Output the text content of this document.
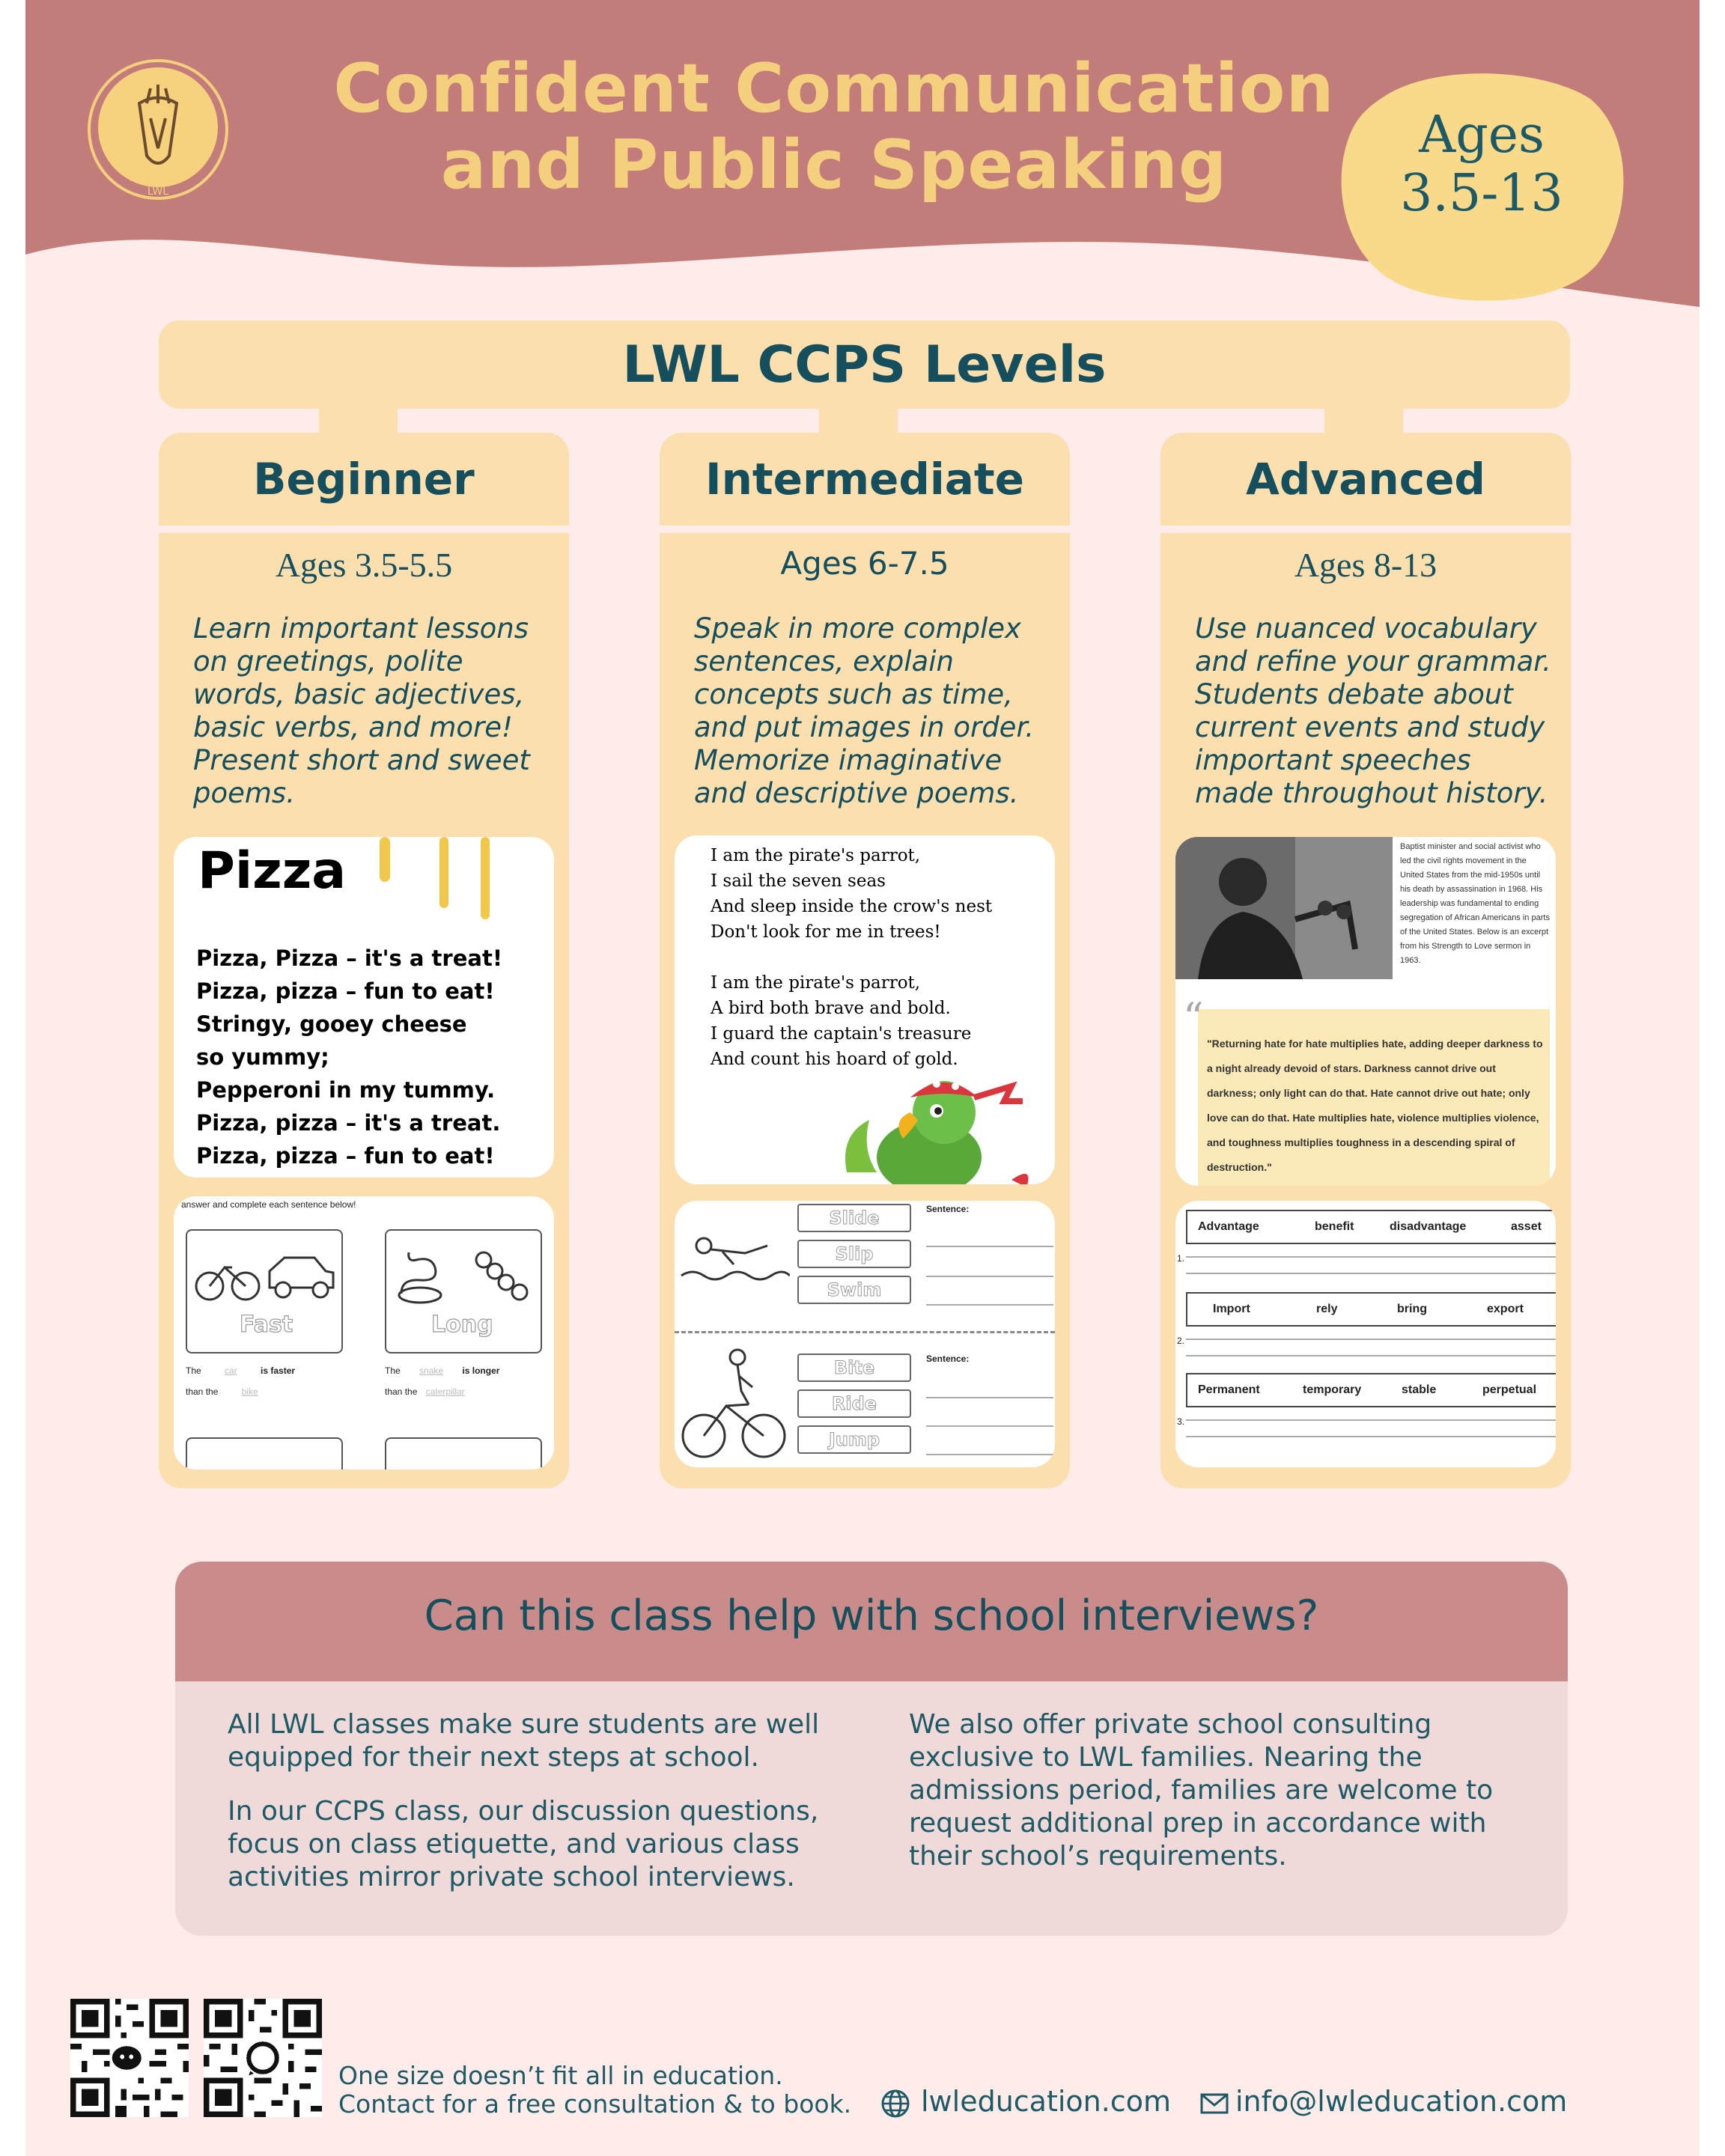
LWL
Confident Communication
and Public Speaking	Ages
3.5-13
LWL CCPS Levels
Beginner
Ages 3.5-5.5
Learn important lessons on greetings, polite words, basic adjectives, basic verbs, and more! Present short and sweet poems.
Pizza
Pizza, Pizza – it's a treat!
Pizza, pizza – fun to eat!
Stringy, gooey cheese
so yummy;
Pepperoni in my tummy.
Pizza, pizza – it's a treat.
Pizza, pizza – fun to eat!
answer and complete each sentence below!
Fast	Long
The	car	is faster
than the	bike
The snake is longer
than the caterpillar
Intermediate
Ages 6-7.5
Speak in more complex sentences, explain concepts such as time, and put images in order. Memorize imaginative and descriptive poems.
I am the pirate's parrot,
I sail the seven seas
And sleep inside the crow's nest
Don't look for me in trees!
I am the pirate's parrot,
A bird both brave and bold.
I guard the captain's treasure
And count his hoard of gold.
Slide
Slip
Swim
Sentence:
Bite
Ride
Jump
Sentence:
Advanced
Ages 8-13
Use nuanced vocabulary and refine your grammar. Students debate about current events and study important speeches made throughout history.
Baptist minister and social activist who led the civil rights movement in the United States from the mid-1950s until his death by assassination in 1968. His leadership was fundamental to ending segregation of African Americans in parts of the United States. Below is an excerpt from his Strength to Love sermon in 1963.
“
"Returning hate for hate multiplies hate, adding deeper darkness to a night already devoid of stars. Darkness cannot drive out darkness; only light can do that. Hate cannot drive out hate; only love can do that. Hate multiplies hate, violence multiplies violence, and toughness multiplies toughness in a descending spiral of destruction."
Advantage	benefit	disadvantage	asset
1.
Import	rely	bring	export
2.
Permanent	temporary	stable	perpetual
3.
Can this class help with school interviews?
All LWL classes make sure students are well equipped for their next steps at school.
In our CCPS class, our discussion questions, focus on class etiquette, and various class activities mirror private school interviews.
We also offer private school consulting exclusive to LWL families. Nearing the admissions period, families are welcome to request additional prep in accordance with their school’s requirements.
One size doesn’t fit all in education.
Contact for a free consultation & to book. lwleducation.com info@lwleducation.com
